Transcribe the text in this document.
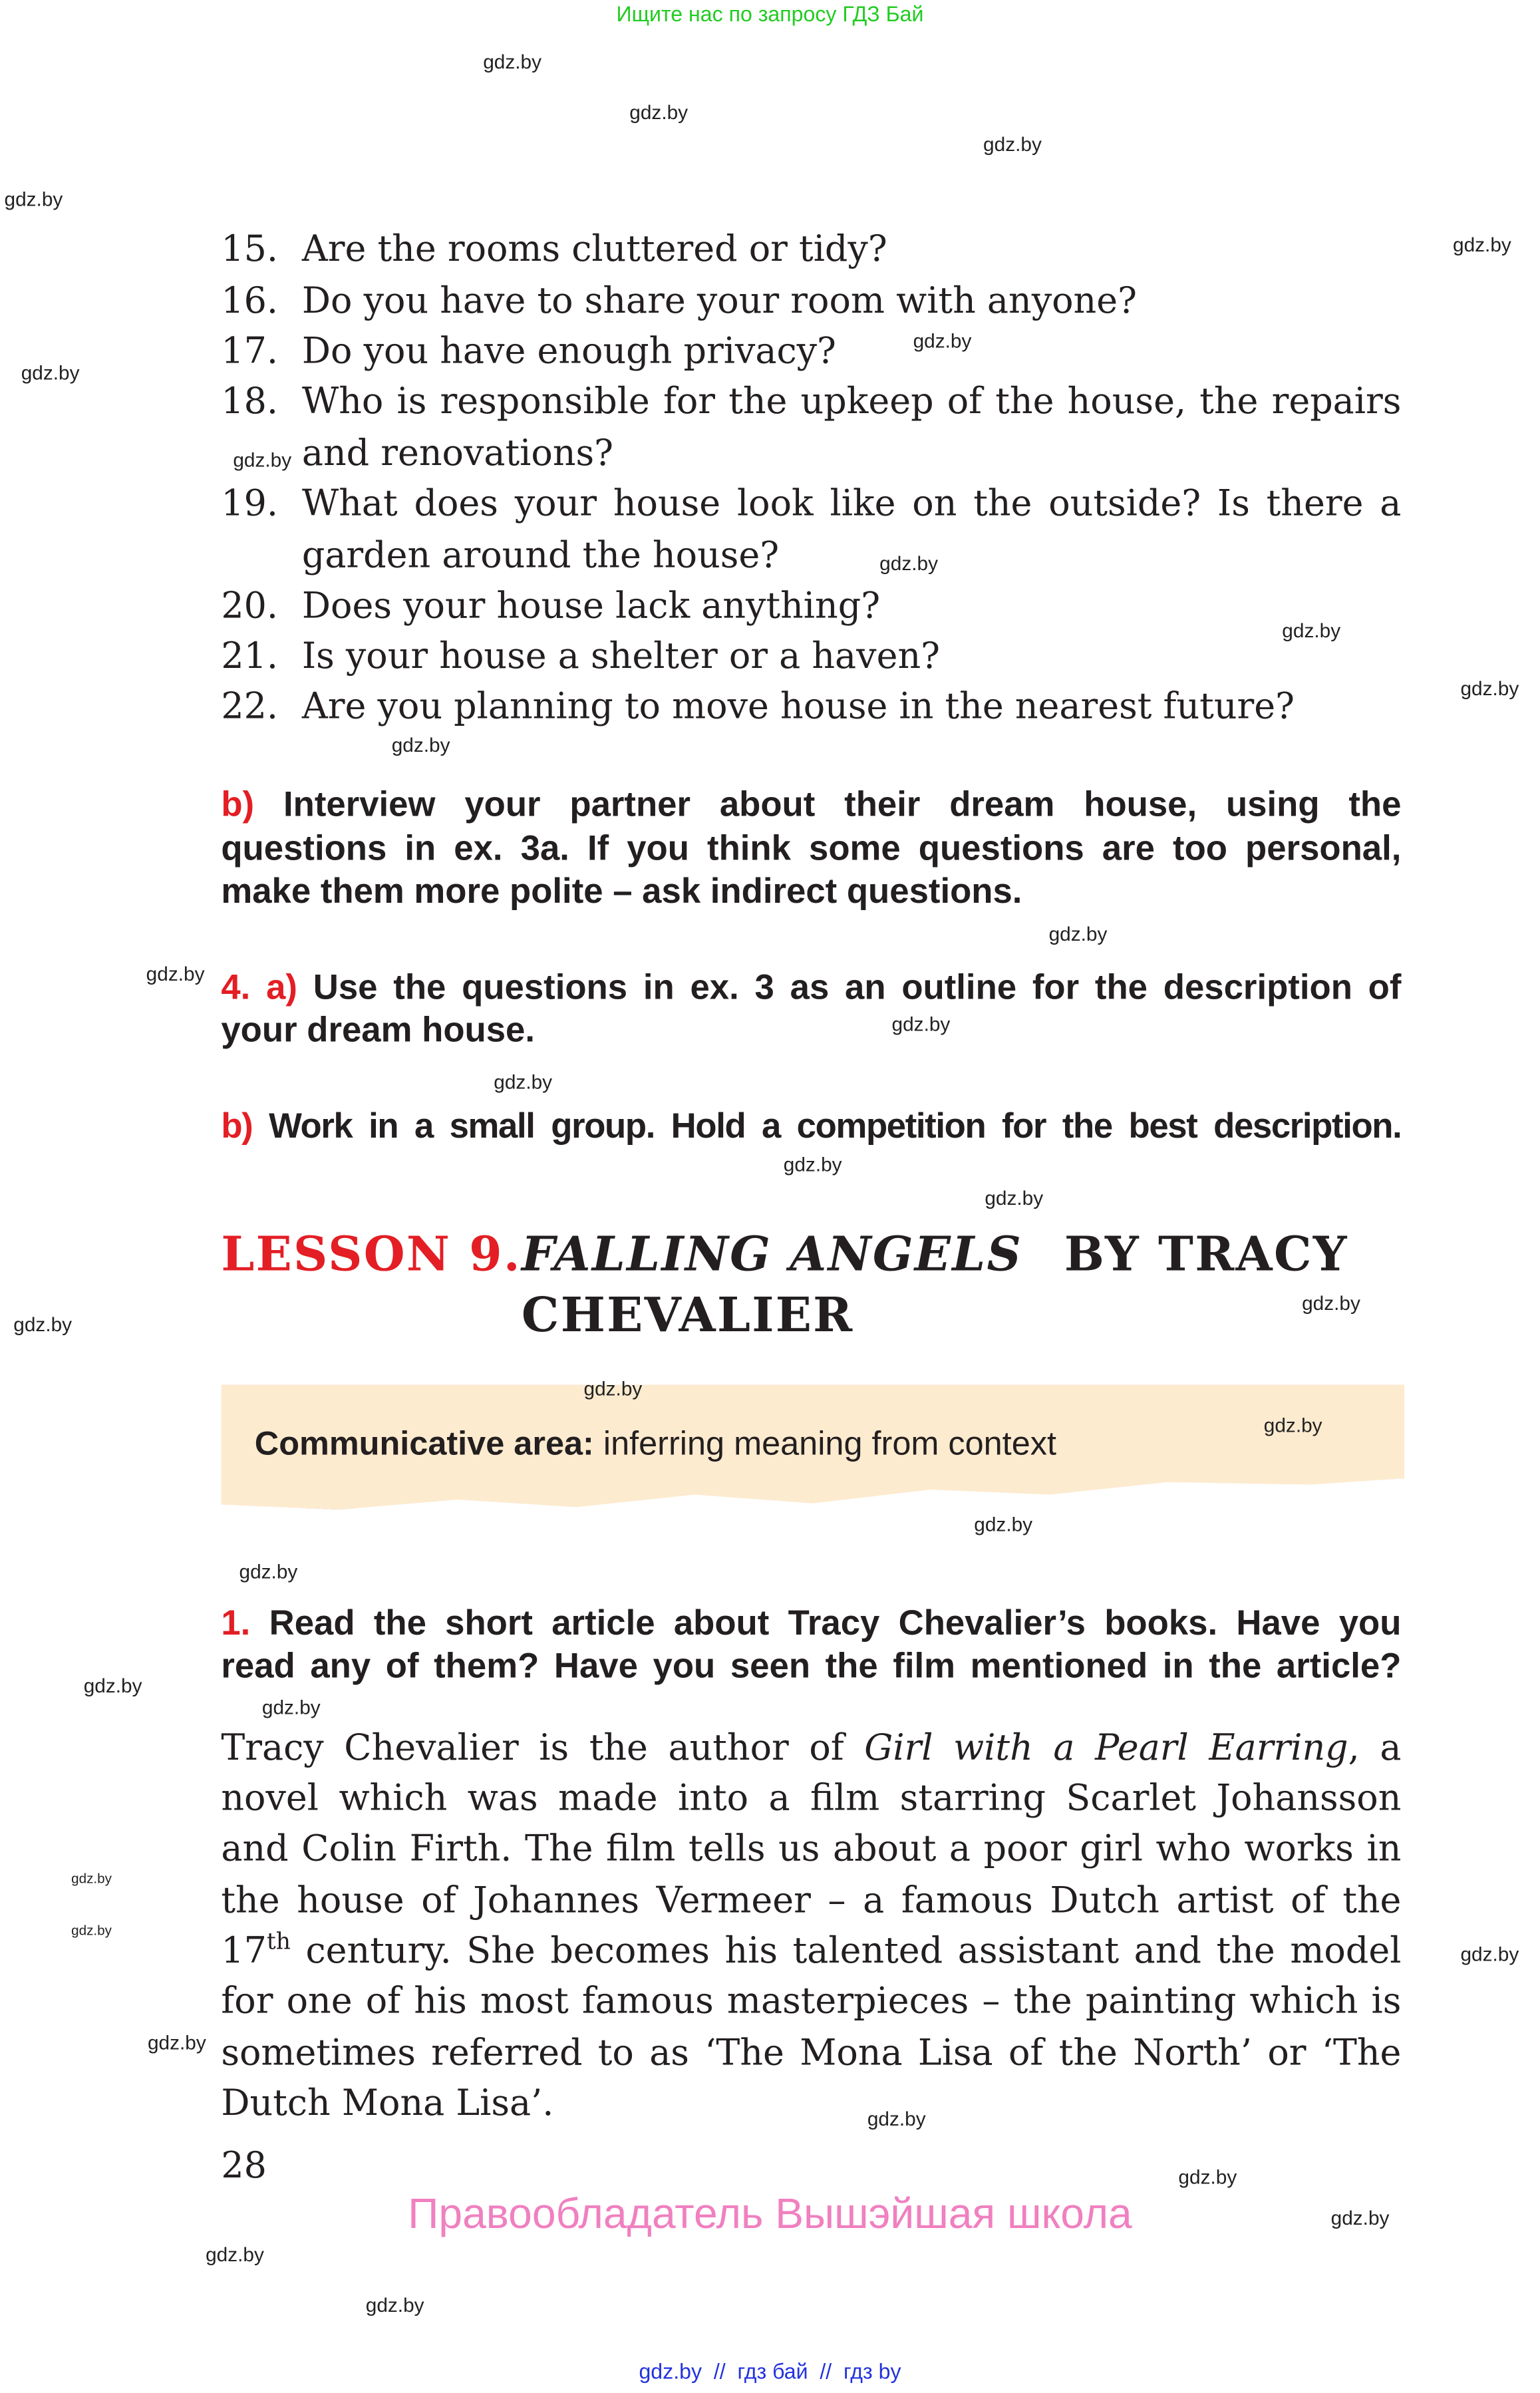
Ищите нас по запросу ГДЗ Бай
15. Are the rooms cluttered or tidy?
16. Do you have to share your room with anyone?
17. Do you have enough privacy?
18.	Who is responsible for the upkeep of the house, the repairs
and renovations?
19.	What does your house look like on the outside? Is there a
garden around the house?
20. Does your house lack anything?
21. Is your house a shelter or a haven?
22. Are you planning to move house in the nearest future?
b) Interview your partner about their dream house, using the
questions in ex. 3a. If you think some questions are too personal,
make them more polite – ask indirect questions.
4. a) Use the questions in ex. 3 as an outline for the description of
your dream house.
b) Work in a small group. Hold a competition for the best description.
LESSON 9. FALLING ANGELS BY TRACY
CHEVALIER
Communicative area: inferring meaning from context
1. Read the short article about Tracy Chevalier’s books. Have you
read any of them? Have you seen the film mentioned in the article?
Tracy Chevalier is the author of Girl with a Pearl Earring, a
novel which was made into a film starring Scarlet Johansson
and Colin Firth. The film tells us about a poor girl who works in
the house of Johannes Vermeer – a famous Dutch artist of the
17th century. She becomes his talented assistant and the model
for one of his most famous masterpieces – the painting which is
sometimes referred to as ‘The Mona Lisa of the North’ or ‘The
Dutch Mona Lisa’.
28
Правообладатель Вышэйшая школа
gdz.by  //  гдз бай  //  гдз by
gdz.by
gdz.by
gdz.by
gdz.by
gdz.by
gdz.by
gdz.by
gdz.by
gdz.by
gdz.by
gdz.by
gdz.by
gdz.by
gdz.by
gdz.by
gdz.by
gdz.by
gdz.by
gdz.by
gdz.by
gdz.by
gdz.by
gdz.by
gdz.by
gdz.by
gdz.by
gdz.by
gdz.by
gdz.by
gdz.by
gdz.by
gdz.by
gdz.by
gdz.by
gdz.by
